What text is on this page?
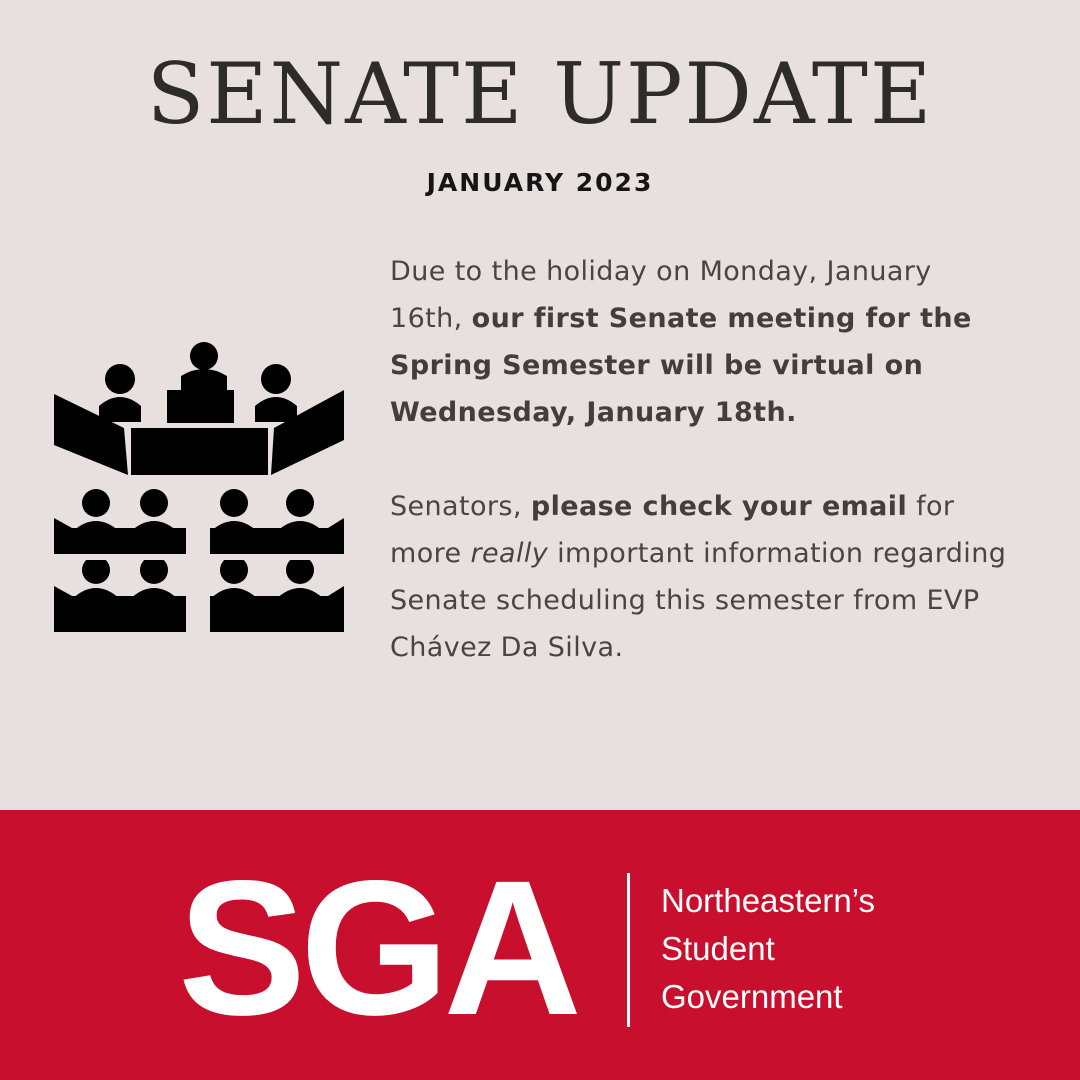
SENATE UPDATE
JANUARY 2023

Due to the holiday on Monday, January 16th, our first Senate meeting for the Spring Semester will be virtual on Wednesday, January 18th.

Senators, please check your email for more really important information regarding Senate scheduling this semester from EVP Chávez Da Silva.

SGA	Northeastern’s
Student
Government
